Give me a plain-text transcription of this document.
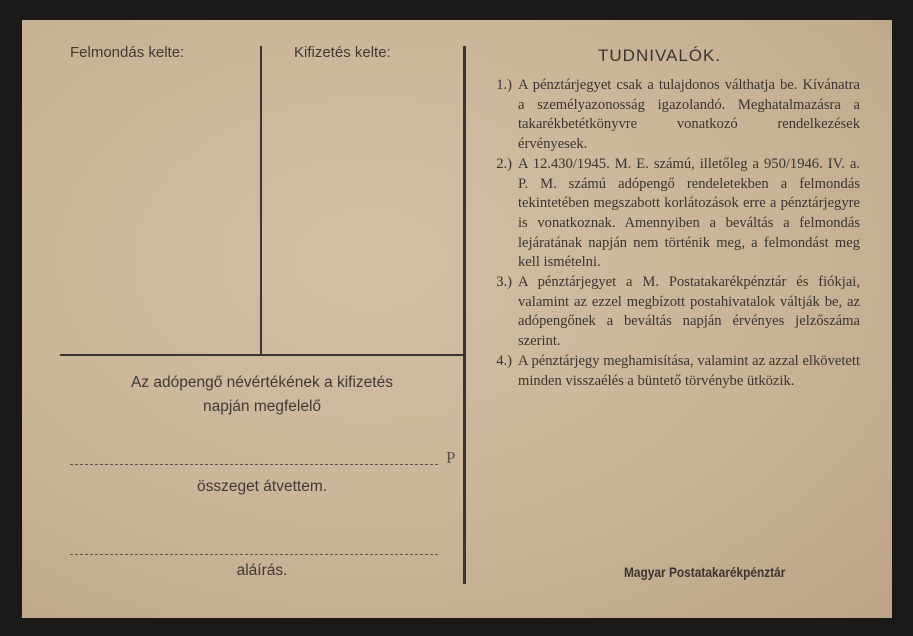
Felmondás kelte:	Kifizetés kelte:
Az adópengő névértékének a kifizetés
napján megfelelő
összeget átvettem.
aláírás.
P
TUDNIVALÓK.
1.) A pénztárjegyet csak a tulajdonos válthatja be. Kívánatra a személyazonosság igazolandó. Meghatalmazásra a takarékbetétkönyvre vonatkozó rendelkezések érvényesek.
2.) A 12.430/1945. M. E. számú, illetőleg a 950/1946. IV. a. P. M. számú adópengő rendeletekben a felmondás tekintetében megszabott korlátozások erre a pénztárjegyre is vonatkoznak. Amennyiben a beváltás a felmondás lejáratának napján nem történik meg, a felmondást meg kell ismételni.
3.) A pénztárjegyet a M. Postatakarékpénztár és fiókjai, valamint az ezzel megbízott postahivatalok váltják be, az adópengőnek a beváltás napján érvényes jelzőszáma szerint.
4.) A pénztárjegy meghamisítása, valamint az azzal elkövetett minden visszaélés a büntető törvénybe ütközik.
Magyar Postatakarékpénztár
